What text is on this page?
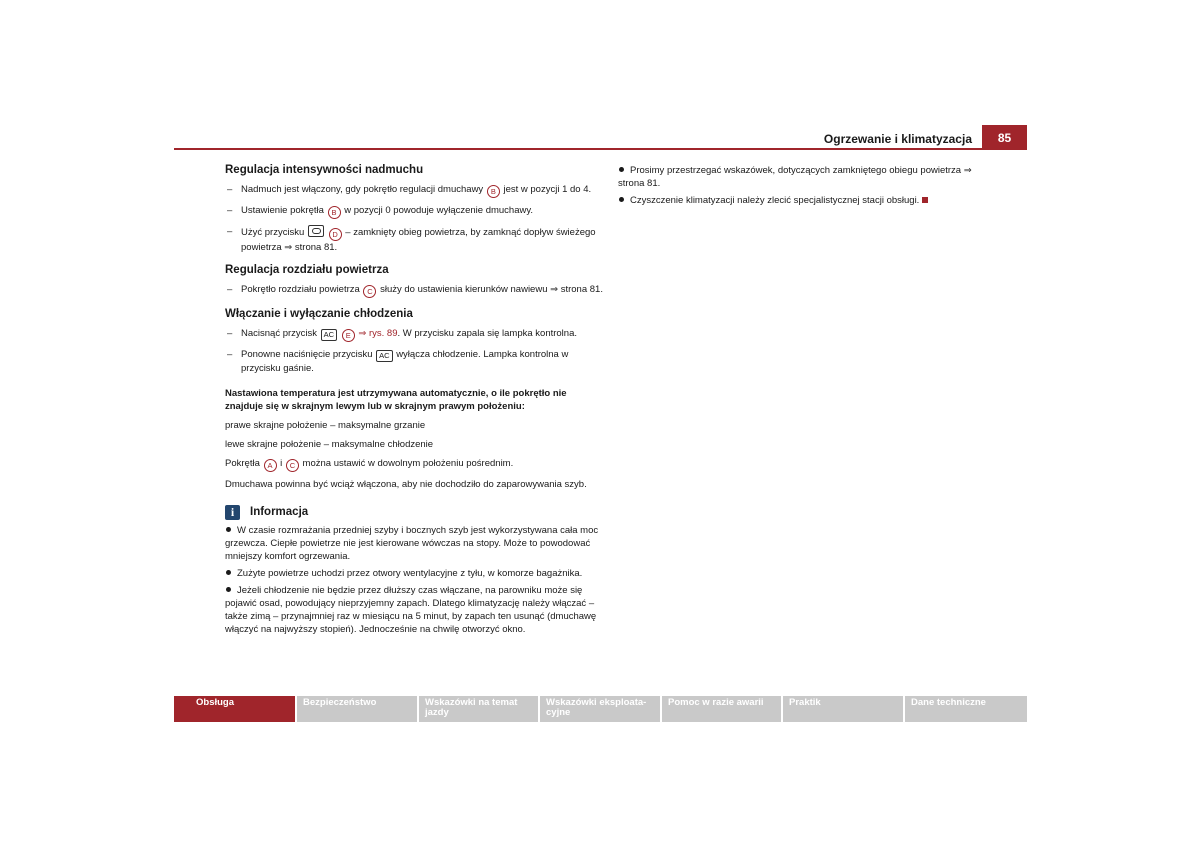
Ogrzewanie i klimatyzacja	85
Regulacja intensywności nadmuchu
– Nadmuch jest włączony, gdy pokrętło regulacji dmuchawy B jest w pozycji 1 do 4.
– Ustawienie pokrętła B w pozycji 0 powoduje wyłączenie dmuchawy.
– Użyć przycisku	D – zamknięty obieg powietrza, by zamknąć dopływ świeżego powietrza ⇒ strona 81.
Regulacja rozdziału powietrza
– Pokrętło rozdziału powietrza C służy do ustawienia kierunków nawiewu ⇒ strona 81.
Włączanie i wyłączanie chłodzenia
– Nacisnąć przycisk AC E ⇒ rys. 89. W przycisku zapala się lampka kontrolna.
– Ponowne naciśnięcie przycisku AC wyłącza chłodzenie. Lampka kontrolna w przycisku gaśnie.
Nastawiona temperatura jest utrzymywana automatycznie, o ile pokrętło nie znajduje się w skrajnym lewym lub w skrajnym prawym położeniu:
prawe skrajne położenie – maksymalne grzanie
lewe skrajne położenie – maksymalne chłodzenie
Pokrętła A i C można ustawić w dowolnym położeniu pośrednim.
Dmuchawa powinna być wciąż włączona, aby nie dochodziło do zaparowywania szyb.
i	Informacja
W czasie rozmrażania przedniej szyby i bocznych szyb jest wykorzystywana cała moc grzewcza. Ciepłe powietrze nie jest kierowane wówczas na stopy. Może to powodować mniejszy komfort ogrzewania.
Zużyte powietrze uchodzi przez otwory wentylacyjne z tyłu, w komorze bagażnika.
Jeżeli chłodzenie nie będzie przez dłuższy czas włączane, na parowniku może się pojawić osad, powodujący nieprzyjemny zapach. Dlatego klimatyzację należy włączać – także zimą – przynajmniej raz w miesiącu na 5 minut, by zapach ten usunąć (dmuchawę włączyć na najwyższy stopień). Jednocześnie na chwilę otworzyć okno.
Prosimy przestrzegać wskazówek, dotyczących zamkniętego obiegu powietrza ⇒ strona 81.
Czyszczenie klimatyzacji należy zlecić specjalistycznej stacji obsługi.
Obsługa	Bezpieczeństwo	Wskazówki na temat
jazdy
Wskazówki eksploata-
cyjne
Pomoc w razie awarii	Praktik	Dane techniczne
